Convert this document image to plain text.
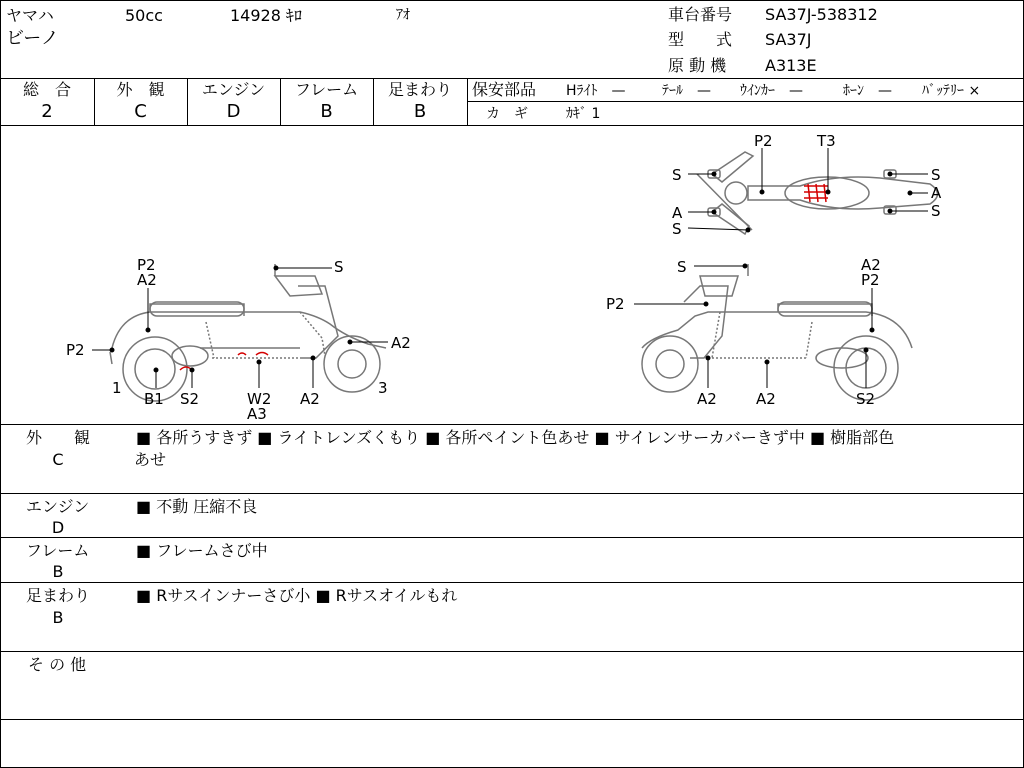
ヤマハ	50cc	14928 ｷﾛ	ｱｵ
ビーノ
車台番号 SA37J-538312
型　　式 SA37J
原 動 機 A313E
総　合
2
外　観
C
エンジン
D
フレーム
B
足まわり
B
保安部品 Hﾗｲﾄ　—	ﾃｰﾙ　— ｳｲﾝｶｰ　—	ﾎｰﾝ　— ﾊﾞｯﾃﾘｰ ×
カ　ギ	ｶｷﾞ 1
P2	T3
S	S
A
A	S
S
P2
A2
S
P2	A2
1
B1 S2	W2
A3
A2
3
S
P2
A2
P2
A2	A2	S2
外　　観
C
■ 各所うすきず ■ ライトレンズくもり ■ 各所ペイント色あせ ■ サイレンサーカバーきず中 ■ 樹脂部色
あせ
エンジン
D
■ 不動 圧縮不良
フレーム
B
■ フレームさび中
足まわり
B
■ Rサスインナーさび小 ■ Rサスオイルもれ
そ の 他
